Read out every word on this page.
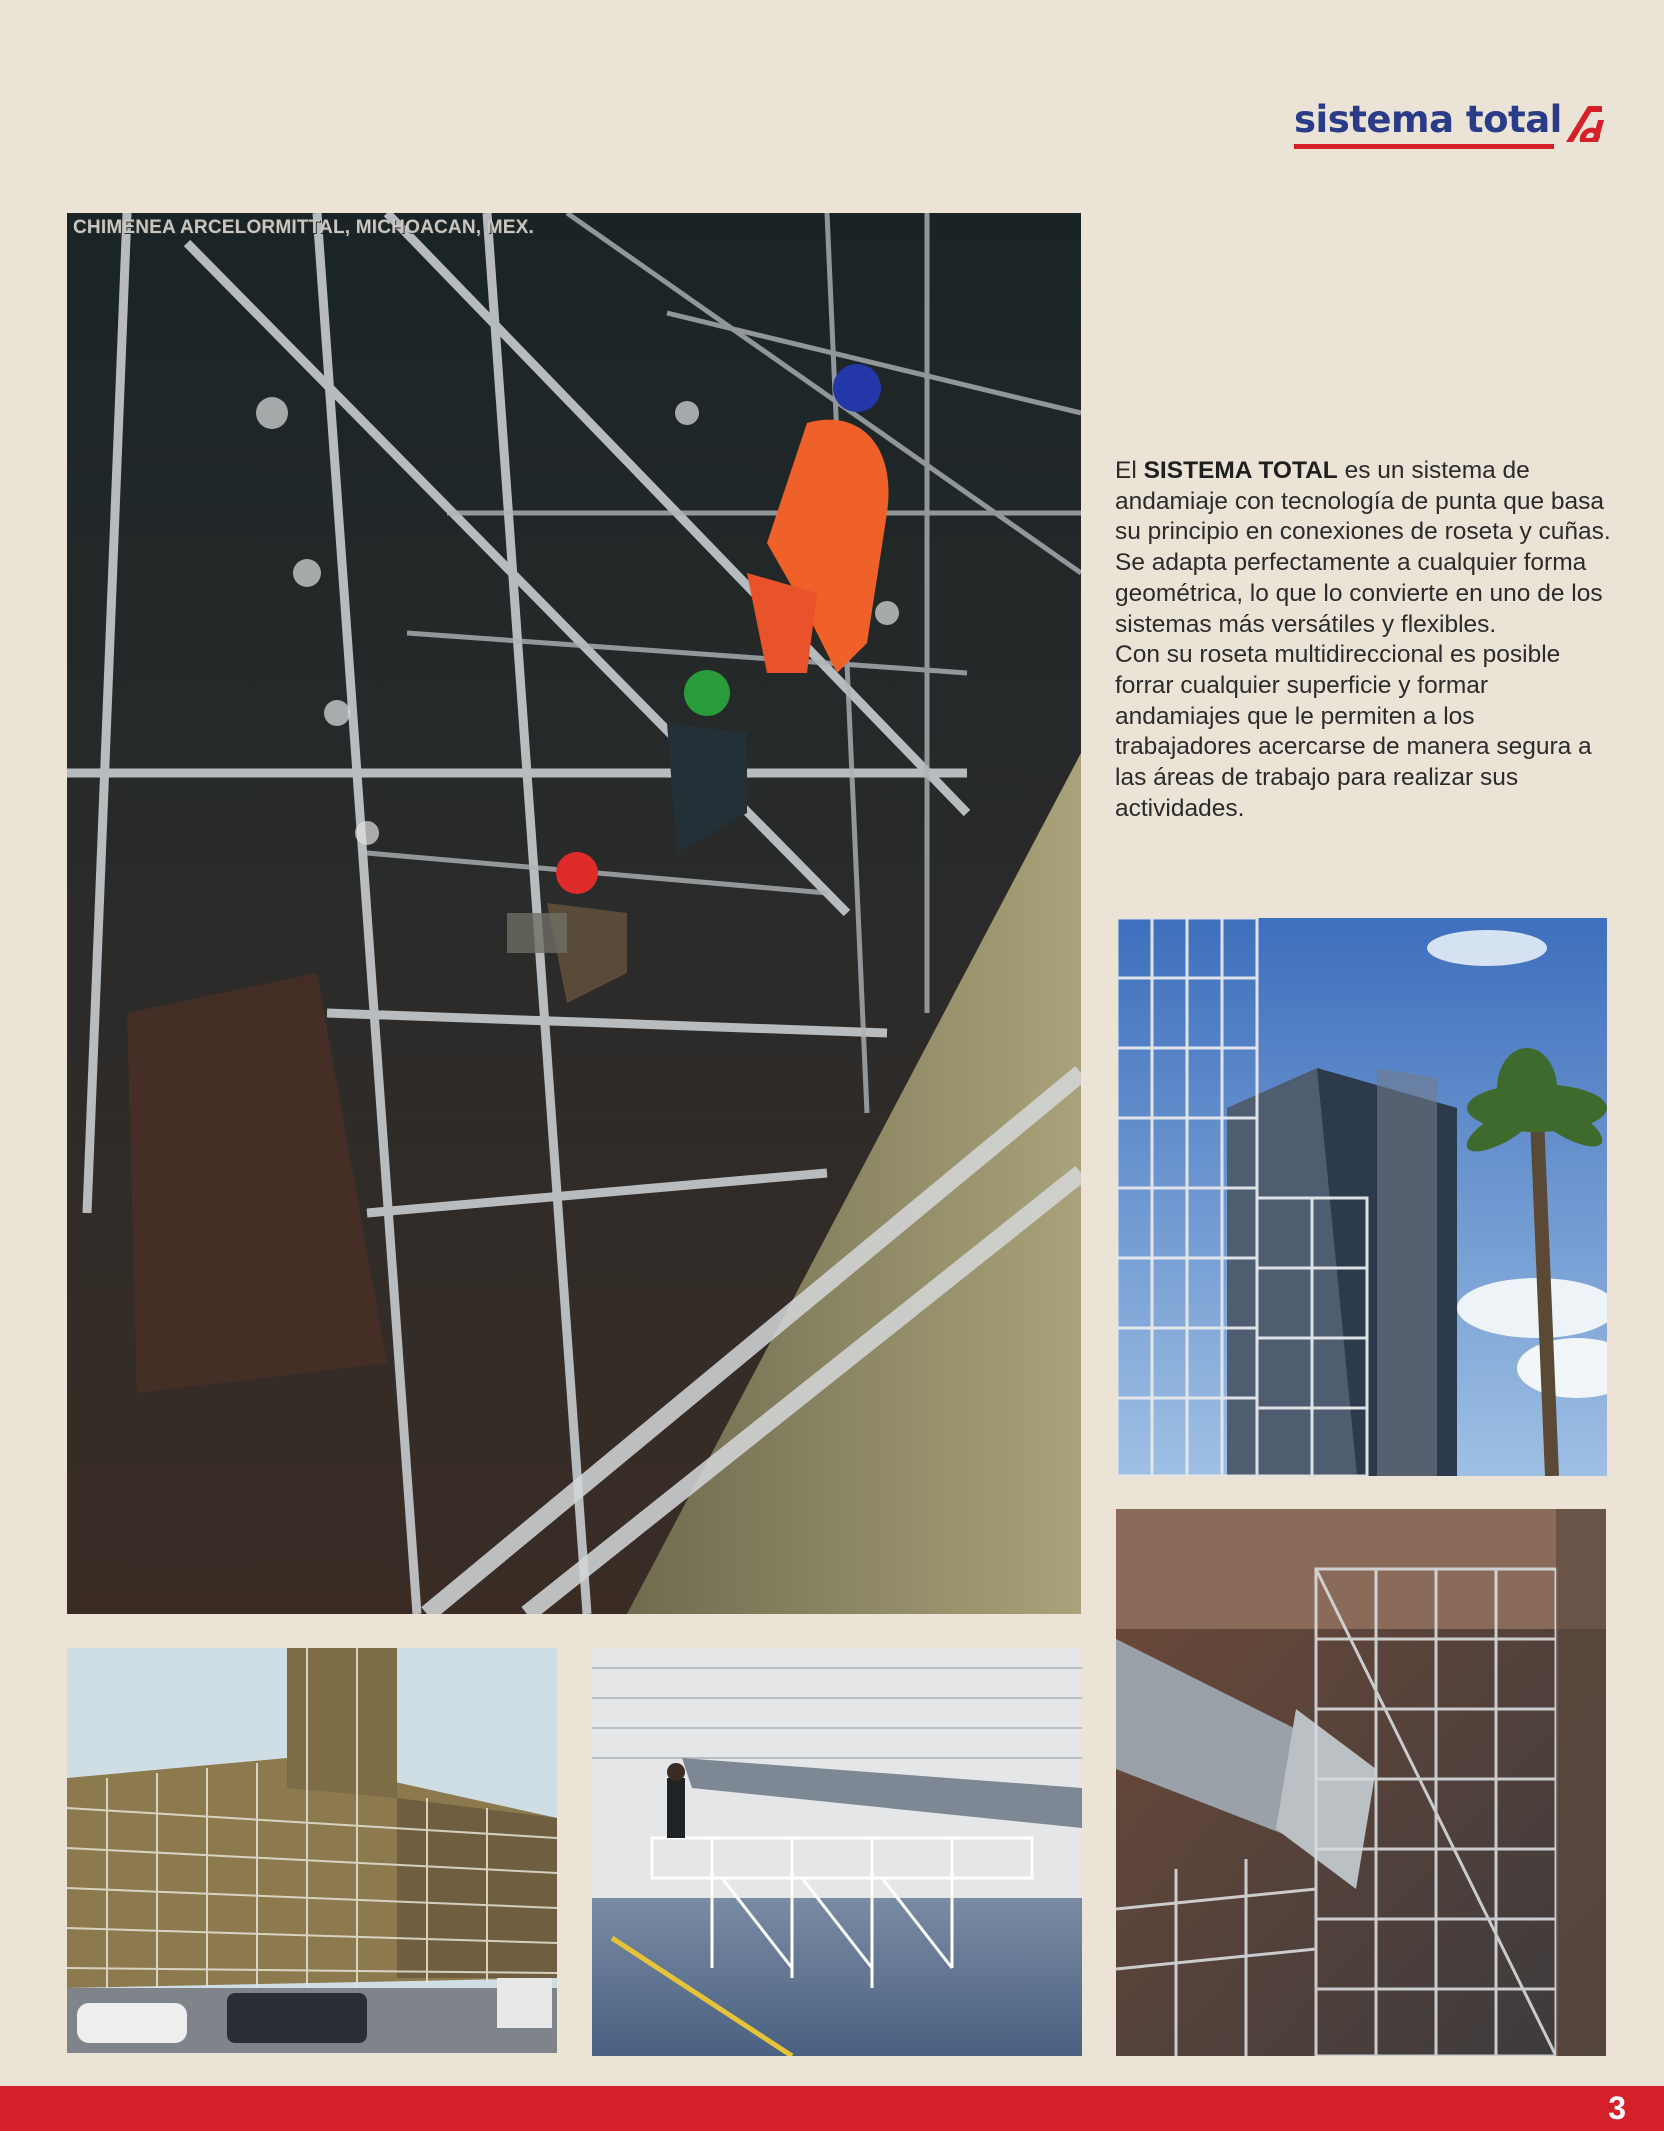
sistema total
CHIMENEA ARCELORMITTAL, MICHOACAN, MEX.

El SISTEMA TOTAL es un sistema de andamiaje con tecnología de punta que basa su principio en conexiones de roseta y cuñas.

Se adapta perfectamente a cualquier forma geométrica, lo que lo convierte en uno de los sistemas más versátiles y flexibles.

Con su roseta multidireccional es posible forrar cualquier superficie y formar andamiajes que le permiten a los trabajadores acercarse de manera segura a las áreas de trabajo para realizar sus actividades.

3
